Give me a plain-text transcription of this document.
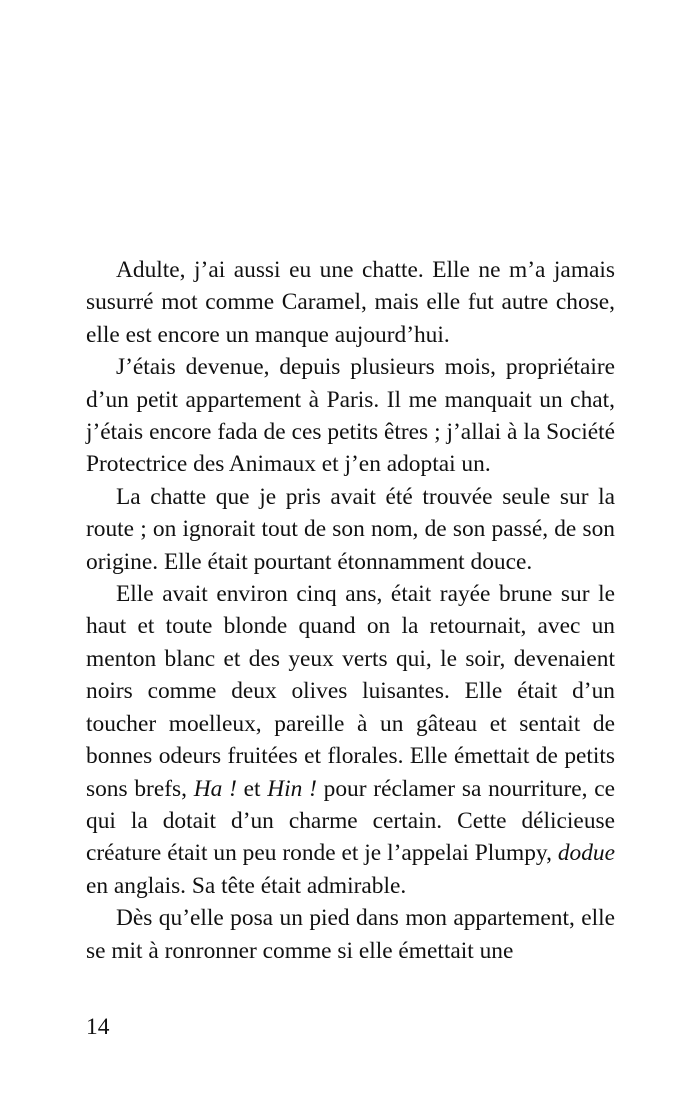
Adulte, j’ai aussi eu une chatte. Elle ne m’a jamais susurré mot comme Caramel, mais elle fut autre chose, elle est encore un manque aujourd’hui.

J’étais devenue, depuis plusieurs mois, propriétaire d’un petit appartement à Paris. Il me manquait un chat, j’étais encore fada de ces petits êtres ; j’allai à la Société Protectrice des Animaux et j’en adoptai un.

La chatte que je pris avait été trouvée seule sur la route ; on ignorait tout de son nom, de son passé, de son origine. Elle était pourtant étonnamment douce.

Elle avait environ cinq ans, était rayée brune sur le haut et toute blonde quand on la retournait, avec un menton blanc et des yeux verts qui, le soir, devenaient noirs comme deux olives luisantes. Elle était d’un toucher moelleux, pareille à un gâteau et sentait de bonnes odeurs fruitées et florales. Elle émettait de petits sons brefs, Ha ! et Hin ! pour réclamer sa nourriture, ce qui la dotait d’un charme certain. Cette délicieuse créature était un peu ronde et je l’appelai Plumpy, dodue en anglais. Sa tête était admirable.

Dès qu’elle posa un pied dans mon appartement, elle se mit à ronronner comme si elle émettait une

14
